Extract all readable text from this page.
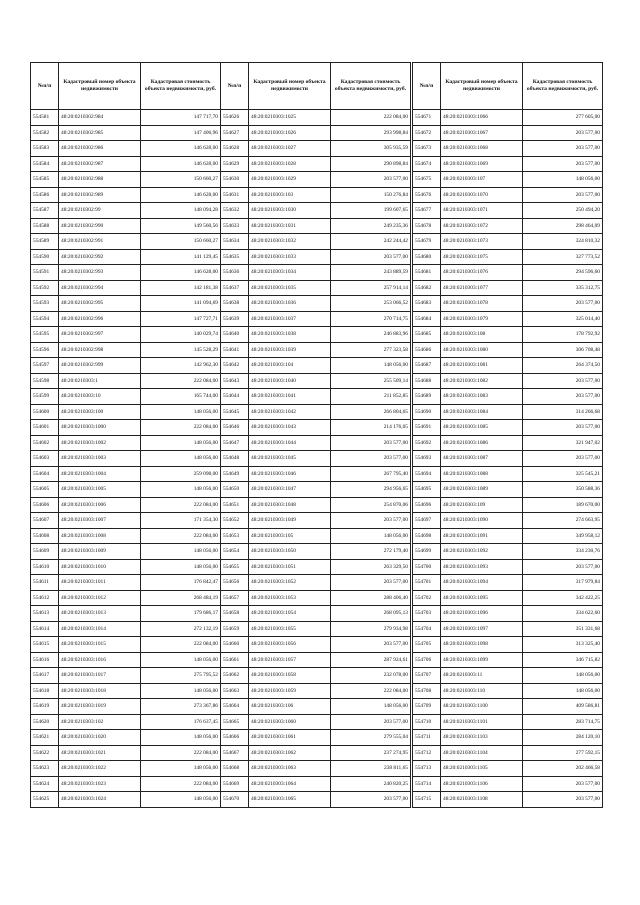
№п/п	Кадастровый номер объекта недвижимости	Кадастровая стоимость объекта недвижимости, руб.
554581	48:20:0210302:984	147 717,70
554582	48:20:0210302:985	147 406,96
554583	48:20:0210302:986	146 628,00
554584	48:20:0210302:987	146 628,00
554585	48:20:0210302:988	150 660,27
554586	48:20:0210302:989	146 628,00
554587	48:20:0210302:99	148 094,28
554588	48:20:0210302:990	149 560,56
554589	48:20:0210302:991	150 660,27
554590	48:20:0210302:992	141 129,45
554591	48:20:0210302:993	146 628,00
554592	48:20:0210302:994	142 181,38
554593	48:20:0210302:995	141 094,69
554594	48:20:0210302:996	147 727,71
554595	48:20:0210302:997	140 029,74
554596	48:20:0210302:998	145 528,29
554597	48:20:0210302:999	142 962,30
554598	48:20:0210303:1	222 084,00
554599	48:20:0210303:10	165 744,00
554600	48:20:0210303:100	148 056,00
554601	48:20:0210303:1000	222 084,00
554602	48:20:0210303:1002	148 056,00
554603	48:20:0210303:1003	148 056,00
554604	48:20:0210303:1004	259 098,00
554605	48:20:0210303:1005	148 056,00
554606	48:20:0210303:1006	222 084,00
554607	48:20:0210303:1007	171 354,30
554608	48:20:0210303:1008	222 084,00
554609	48:20:0210303:1009	148 056,00
554610	48:20:0210303:1010	148 056,00
554611	48:20:0210303:1011	176 842,47
554612	48:20:0210303:1012	268 484,19
554613	48:20:0210303:1013	179 686,17
554614	48:20:0210303:1014	272 132,19
554615	48:20:0210303:1015	222 084,00
554616	48:20:0210303:1016	148 056,00
554617	48:20:0210303:1017	275 795,52
554618	48:20:0210303:1018	148 056,00
554619	48:20:0210303:1019	273 367,86
554620	48:20:0210303:102	176 637,45
554621	48:20:0210303:1020	148 056,00
554622	48:20:0210303:1021	222 084,00
554623	48:20:0210303:1022	148 056,00
554624	48:20:0210303:1023	222 084,00
554625	48:20:0210303:1024	148 056,00
№п/п	Кадастровый номер объекта недвижимости	Кадастровая стоимость объекта недвижимости, руб.
554626	48:20:0210303:1025	222 084,00
554627	48:20:0210303:1026	293 998,84
554628	48:20:0210303:1027	305 935,59
554629	48:20:0210303:1028	290 898,84
554630	48:20:0210303:1029	203 577,00
554631	48:20:0210303:103	150 276,84
554632	48:20:0210303:1030	199 607,65
554633	48:20:0210303:1031	249 235,36
554634	48:20:0210303:1032	242 244,42
554635	48:20:0210303:1033	203 577,00
554636	48:20:0210303:1034	243 889,59
554637	48:20:0210303:1035	257 914,14
554638	48:20:0210303:1036	253 066,52
554639	48:20:0210303:1037	270 714,75
554640	48:20:0210303:1038	246 883,96
554641	48:20:0210303:1039	277 323,58
554642	48:20:0210303:104	148 056,00
554643	48:20:0210303:1040	255 509,14
554644	48:20:0210303:1041	211 852,85
554645	48:20:0210303:1042	266 804,65
554646	48:20:0210303:1043	214 176,05
554647	48:20:0210303:1044	203 577,00
554648	48:20:0210303:1045	203 577,00
554649	48:20:0210303:1046	267 795,40
554650	48:20:0210303:1047	294 956,65
554651	48:20:0210303:1048	254 870,06
554652	48:20:0210303:1049	203 577,00
554653	48:20:0210303:105	148 056,00
554654	48:20:0210303:1050	272 179,40
554655	48:20:0210303:1051	263 329,50
554656	48:20:0210303:1052	203 577,00
554657	48:20:0210303:1053	288 406,40
554658	48:20:0210303:1054	268 095,13
554659	48:20:0210303:1055	279 934,98
554660	48:20:0210303:1056	203 577,00
554661	48:20:0210303:1057	287 924,61
554662	48:20:0210303:1058	232 078,00
554663	48:20:0210303:1059	222 084,00
554664	48:20:0210303:106	148 056,00
554665	48:20:0210303:1060	203 577,00
554666	48:20:0210303:1061	279 555,04
554667	48:20:0210303:1062	237 274,95
554668	48:20:0210303:1063	238 811,65
554669	48:20:0210303:1064	240 820,25
554670	48:20:0210303:1065	203 577,00
№п/п	Кадастровый номер объекта недвижимости	Кадастровая стоимость объекта недвижимости, руб.
554671	48:20:0210303:1066	277 605,00
554672	48:20:0210303:1067	203 577,00
554673	48:20:0210303:1068	203 577,00
554674	48:20:0210303:1069	203 577,00
554675	48:20:0210303:107	148 056,00
554676	48:20:0210303:1070	203 577,00
554677	48:20:0210303:1071	250 494,20
554678	48:20:0210303:1072	298 464,09
554679	48:20:0210303:1073	324 810,32
554680	48:20:0210303:1075	327 773,52
554681	48:20:0210303:1076	294 596,60
554682	48:20:0210303:1077	335 312,75
554683	48:20:0210303:1078	203 577,00
554684	48:20:0210303:1079	325 014,40
554685	48:20:0210303:108	178 792,92
554686	48:20:0210303:1080	306 708,48
554687	48:20:0210303:1081	264 374,50
554688	48:20:0210303:1082	203 577,00
554689	48:20:0210303:1083	203 577,00
554690	48:20:0210303:1084	314 266,68
554691	48:20:0210303:1085	203 577,00
554692	48:20:0210303:1086	321 947,02
554693	48:20:0210303:1087	203 577,00
554694	48:20:0210303:1088	325 545,21
554695	48:20:0210303:1089	350 588,36
554696	48:20:0210303:109	189 670,00
554697	48:20:0210303:1090	274 663,95
554698	48:20:0210303:1091	349 958,12
554699	48:20:0210303:1092	334 230,76
554700	48:20:0210303:1093	203 577,00
554701	48:20:0210303:1094	317 979,84
554702	48:20:0210303:1095	342 422,25
554703	48:20:0210303:1096	334 622,60
554704	48:20:0210303:1097	351 331,68
554705	48:20:0210303:1098	313 325,40
554706	48:20:0210303:1099	346 715,82
554707	48:20:0210303:11	148 056,00
554708	48:20:0210303:110	148 056,00
554709	48:20:0210303:1100	409 586,81
554710	48:20:0210303:1101	283 714,75
554711	48:20:0210303:1103	284 120,10
554712	48:20:0210303:1104	277 592,15
554713	48:20:0210303:1105	202 466,58
554714	48:20:0210303:1106	203 577,00
554715	48:20:0210303:1108	203 577,00
